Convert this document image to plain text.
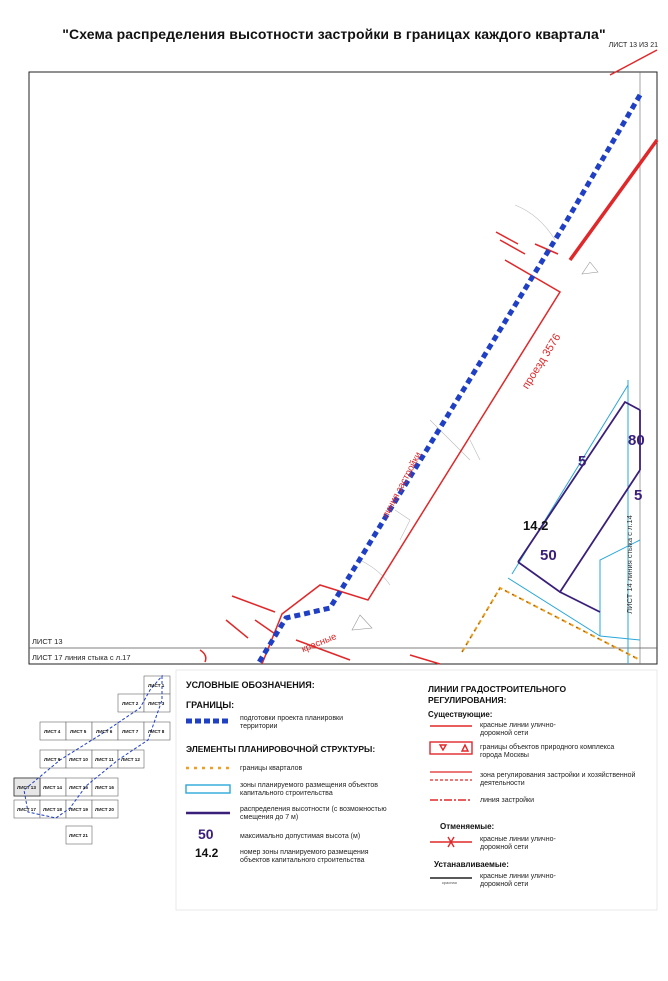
"Схема распределения высотности застройки в границах каждого квартала"
ЛИСТ 13 ИЗ 21
ЛИСТ 1
ЛИСТ 2 ЛИСТ 3
ЛИСТ 4 ЛИСТ 5 ЛИСТ 6 ЛИСТ 7 ЛИСТ 8
ЛИСТ 9 ЛИСТ 10 ЛИСТ 11 ЛИСТ 12
ЛИСТ 13 ЛИСТ 14 ЛИСТ 15 ЛИСТ 16
ЛИСТ 17 ЛИСТ 18 ЛИСТ 19 ЛИСТ 20
ЛИСТ 21
красная
ЛИСТ 13
ЛИСТ 17 линия стыка с л.17
ЛИСТ 14 линия стыка с л.14
проезд 3576
линия застройки
красные
14.2
50
5
5
80
УСЛОВНЫЕ ОБОЗНАЧЕНИЯ:
ГРАНИЦЫ:
подготовки проекта планировки территории
ЭЛЕМЕНТЫ ПЛАНИРОВОЧНОЙ СТРУКТУРЫ:
границы кварталов
зоны планируемого размещения объектов капитального строительства
распределения высотности (с возможностью смещения до 7 м)
50	максимально допустимая высота (м)
14.2	номер зоны планируемого размещения объектов капитального строительства
ЛИНИИ ГРАДОСТРОИТЕЛЬНОГО РЕГУЛИРОВАНИЯ:
Существующие:
красные линии улично-дорожной сети
границы объектов природного комплекса города Москвы
зона регулирования застройки и хозяйственной деятельности
линия застройки
Отменяемые:
красные линии улично-дорожной сети
Устанавливаемые:
красные линии улично-дорожной сети
